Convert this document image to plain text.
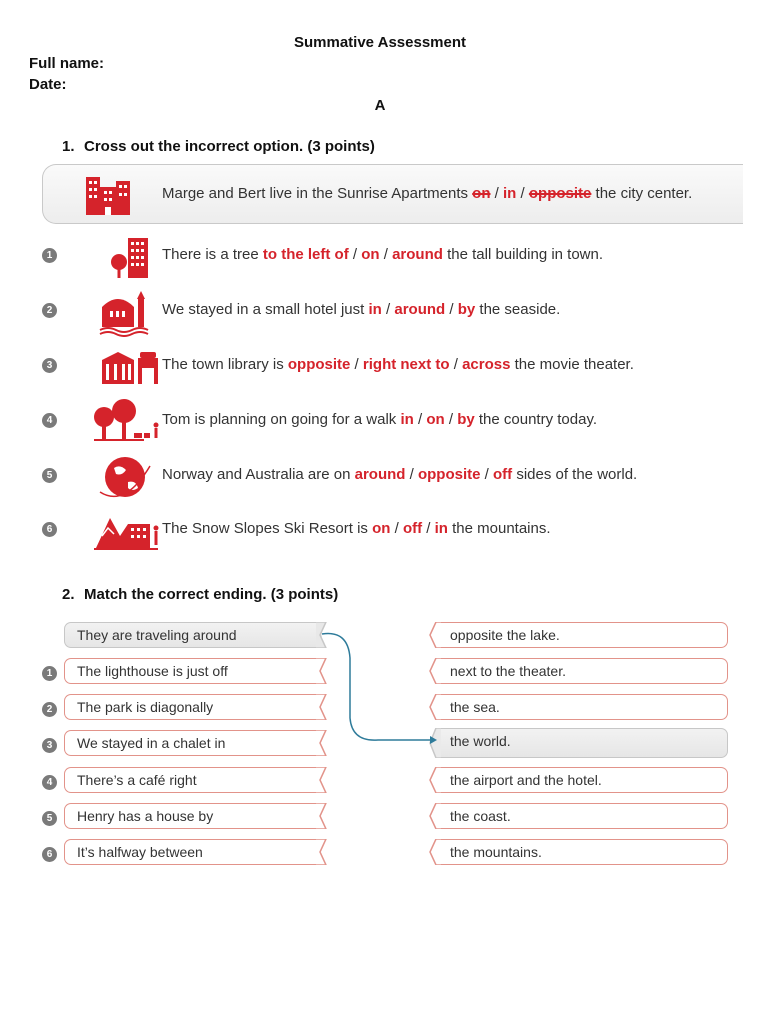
Summative Assessment
Full name:
Date:
A
1. Cross out the incorrect option. (3 points)
Marge and Bert live in the Sunrise Apartments on / in / opposite the city center.
1	There is a tree to the left of / on / around the tall building in town.
2	We stayed in a small hotel just in / around / by the seaside.
3	The town library is opposite / right next to / across the movie theater.
4	Tom is planning on going for a walk in / on / by the country today.
5	Norway and Australia are on around / opposite / off sides of the world.
6	The Snow Slopes Ski Resort is on / off / in the mountains.
2. Match the correct ending. (3 points)
They are traveling around
The lighthouse is just off
The park is diagonally
We stayed in a chalet in
There’s a café right
Henry has a house by
It’s halfway between
1
2
3
4
5
6
opposite the lake.
next to the theater.
the sea.
the world.
the airport and the hotel.
the coast.
the mountains.
